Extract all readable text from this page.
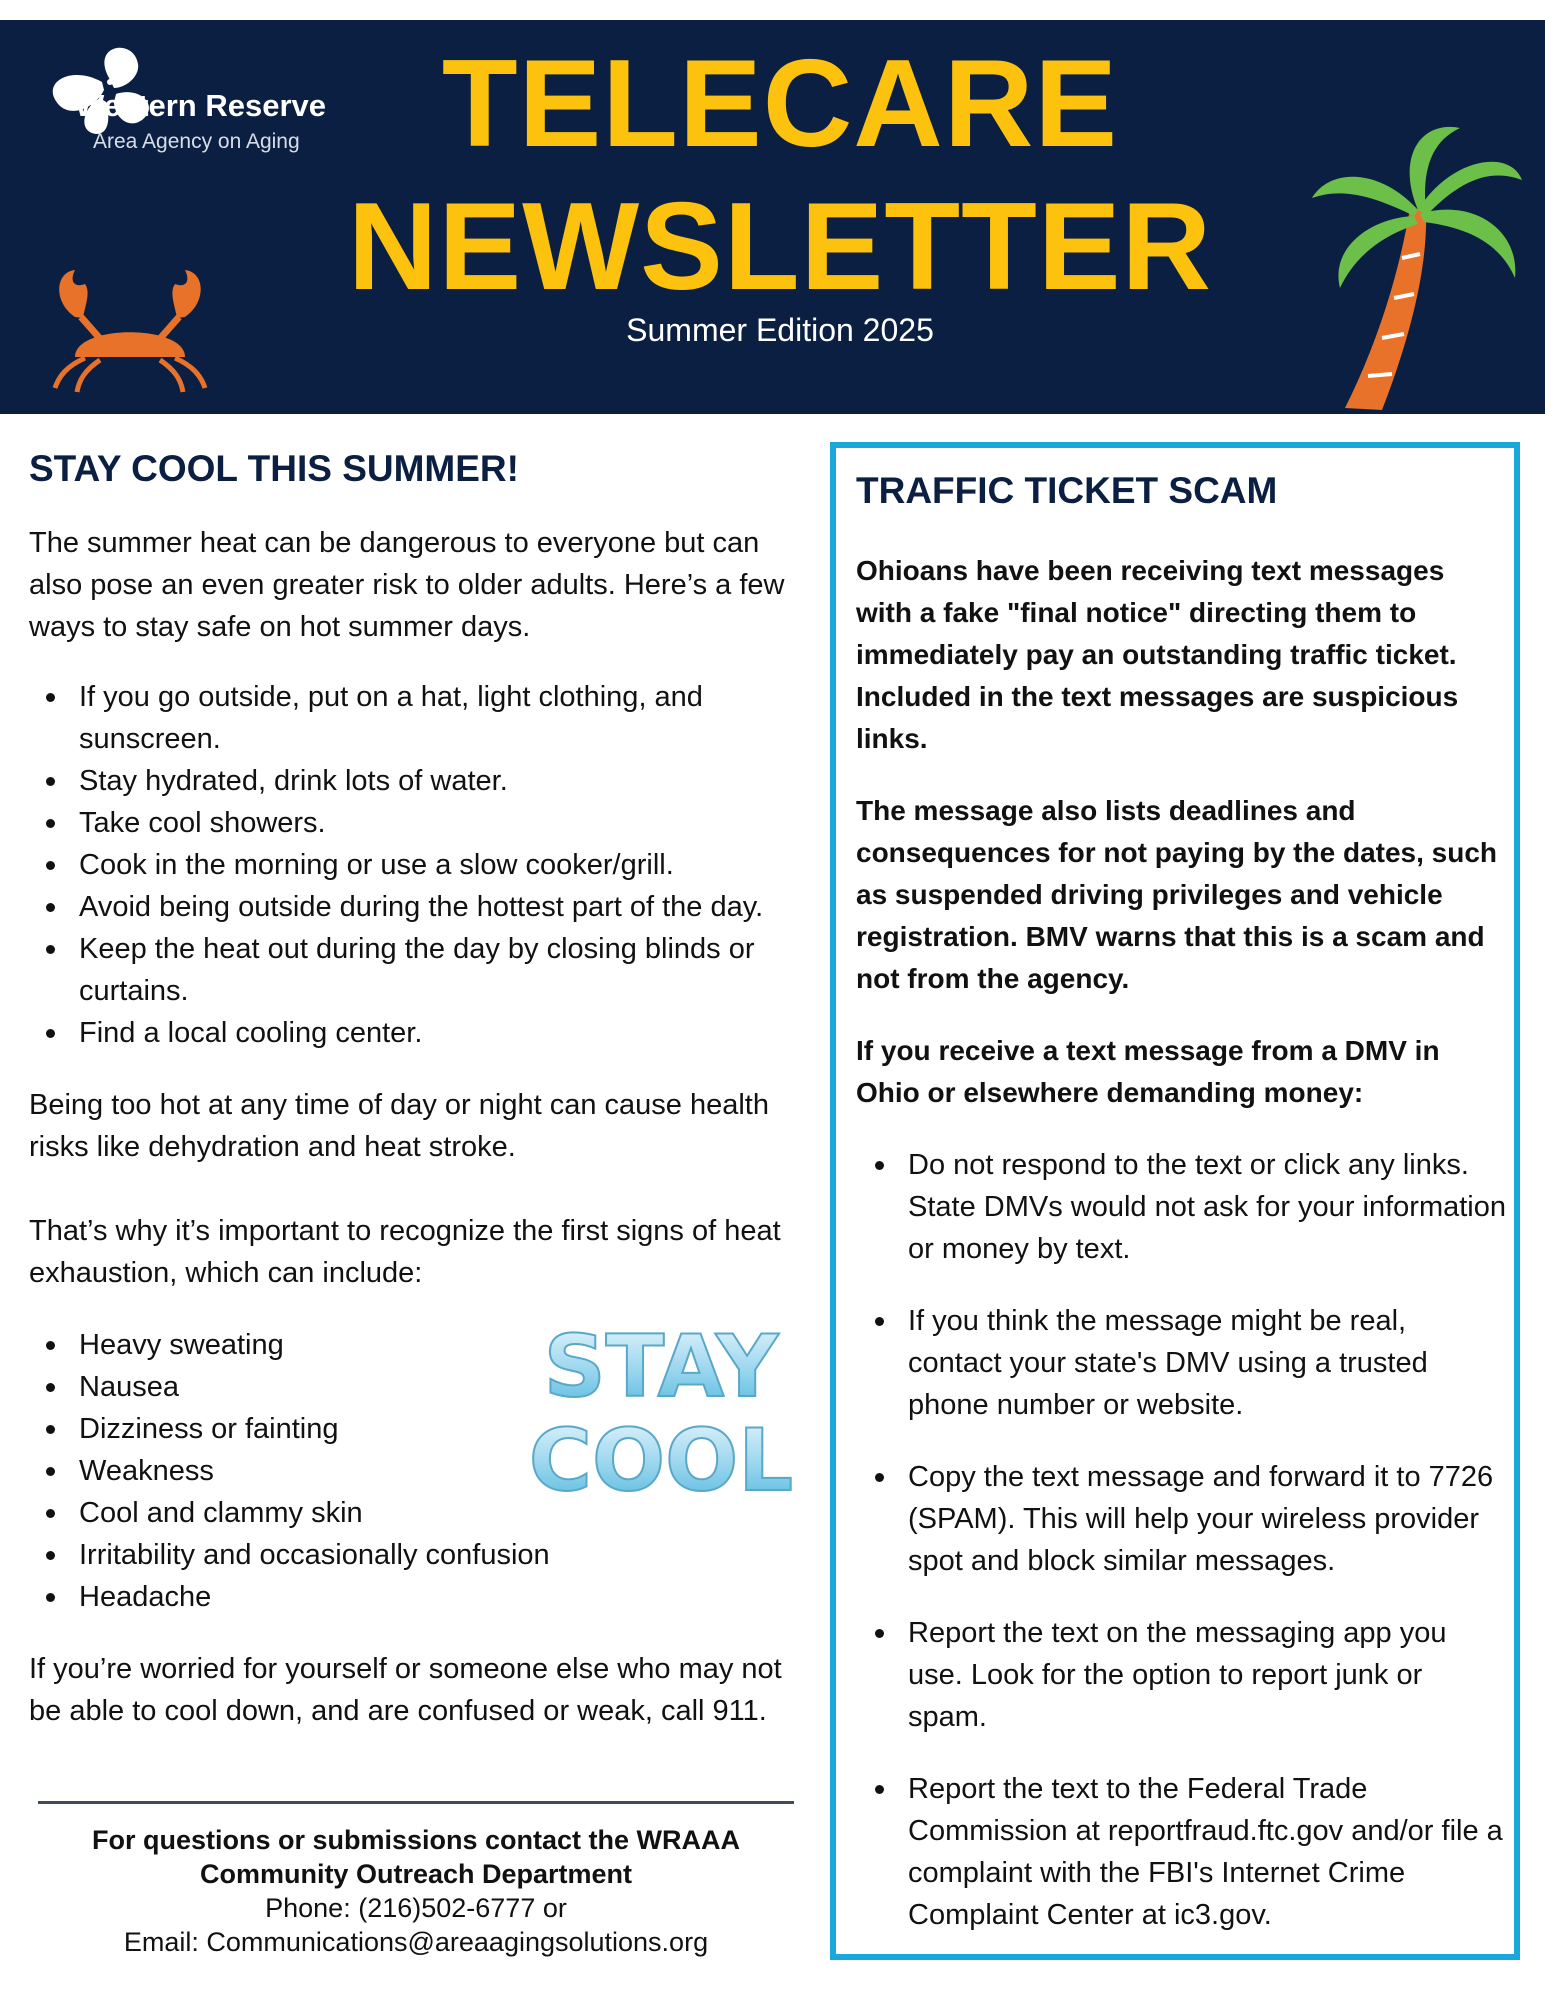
Western Reserve
Area Agency on Aging	TELECARE
NEWSLETTER
Summer Edition 2025
STAY COOL THIS SUMMER!

The summer heat can be dangerous to everyone but can also pose an even greater risk to older adults. Here’s a few ways to stay safe on hot summer days.

If you go outside, put on a hat, light clothing, and sunscreen.
Stay hydrated, drink lots of water.
Take cool showers.
Cook in the morning or use a slow cooker/grill.
Avoid being outside during the hottest part of the day.
Keep the heat out during the day by closing blinds or curtains.
Find a local cooling center.

Being too hot at any time of day or night can cause health risks like dehydration and heat stroke.

That’s why it’s important to recognize the first signs of heat exhaustion, which can include:

Heavy sweating
Nausea
Dizziness or fainting
Weakness
Cool and clammy skin
Irritability and occasionally confusion
Headache

If you’re worried for yourself or someone else who may not be able to cool down, and are confused or weak, call 911.

STAY
COOL
For questions or submissions contact the WRAAA
Community Outreach Department
Phone: (216)502-6777 or
Email: Communications@areaagingsolutions.org
TRAFFIC TICKET SCAM

Ohioans have been receiving text messages with a fake "final notice" directing them to immediately pay an outstanding traffic ticket. Included in the text messages are suspicious links.

The message also lists deadlines and consequences for not paying by the dates, such as suspended driving privileges and vehicle registration. BMV warns that this is a scam and not from the agency.

If you receive a text message from a DMV in Ohio or elsewhere demanding money:

Do not respond to the text or click any links. State DMVs would not ask for your information or money by text.
If you think the message might be real, contact your state's DMV using a trusted phone number or website.
Copy the text message and forward it to 7726 (SPAM). This will help your wireless provider spot and block similar messages.
Report the text on the messaging app you use. Look for the option to report junk or spam.
Report the text to the Federal Trade Commission at reportfraud.ftc.gov and/or file a complaint with the FBI's Internet Crime Complaint Center at ic3.gov.
